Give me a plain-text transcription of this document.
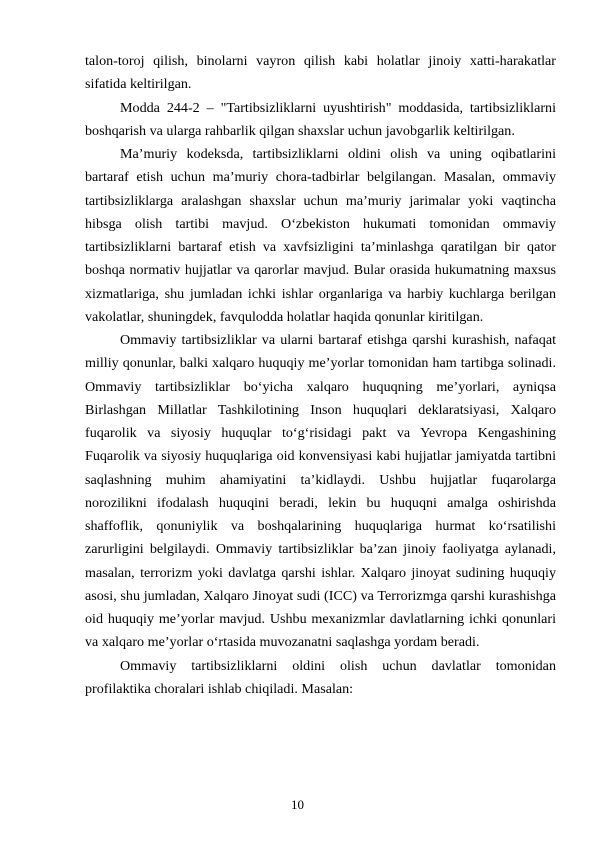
talon-toroj qilish, binolarni vayron qilish kabi holatlar jinoiy xatti-harakatlar sifatida keltirilgan.

Modda 244-2 – "Tartibsizliklarni uyushtirish" moddasida, tartibsizliklarni boshqarish va ularga rahbarlik qilgan shaxslar uchun javobgarlik keltirilgan.

Maʼmuriy kodeksda, tartibsizliklarni oldini olish va uning oqibatlarini bartaraf etish uchun maʼmuriy chora-tadbirlar belgilangan. Masalan, ommaviy tartibsizliklarga aralashgan shaxslar uchun maʼmuriy jarimalar yoki vaqtincha hibsga olish tartibi mavjud. Oʻzbekiston hukumati tomonidan ommaviy tartibsizliklarni bartaraf etish va xavfsizligini taʼminlashga qaratilgan bir qator boshqa normativ hujjatlar va qarorlar mavjud. Bular orasida hukumatning maxsus xizmatlariga, shu jumladan ichki ishlar organlariga va harbiy kuchlarga berilgan vakolatlar, shuningdek, favqulodda holatlar haqida qonunlar kiritilgan.

Ommaviy tartibsizliklar va ularni bartaraf etishga qarshi kurashish, nafaqat milliy qonunlar, balki xalqaro huquqiy meʼyorlar tomonidan ham tartibga solinadi. Ommaviy tartibsizliklar boʻyicha xalqaro huquqning meʼyorlari, ayniqsa Birlashgan Millatlar Tashkilotining Inson huquqlari deklaratsiyasi, Xalqaro fuqarolik va siyosiy huquqlar toʻgʻrisidagi pakt va Yevropa Kengashining Fuqarolik va siyosiy huquqlariga oid konvensiyasi kabi hujjatlar jamiyatda tartibni saqlashning muhim ahamiyatini taʼkidlaydi. Ushbu hujjatlar fuqarolarga norozilikni ifodalash huquqini beradi, lekin bu huquqni amalga oshirishda shaffoflik, qonuniylik va boshqalarining huquqlariga hurmat koʻrsatilishi zarurligini belgilaydi. Ommaviy tartibsizliklar baʼzan jinoiy faoliyatga aylanadi, masalan, terrorizm yoki davlatga qarshi ishlar. Xalqaro jinoyat sudining huquqiy asosi, shu jumladan, Xalqaro Jinoyat sudi (ICC) va Terrorizmga qarshi kurashishga oid huquqiy meʼyorlar mavjud. Ushbu mexanizmlar davlatlarning ichki qonunlari va xalqaro meʼyorlar oʻrtasida muvozanatni saqlashga yordam beradi.

Ommaviy tartibsizliklarni oldini olish uchun davlatlar tomonidan profilaktika choralari ishlab chiqiladi. Masalan:

10
